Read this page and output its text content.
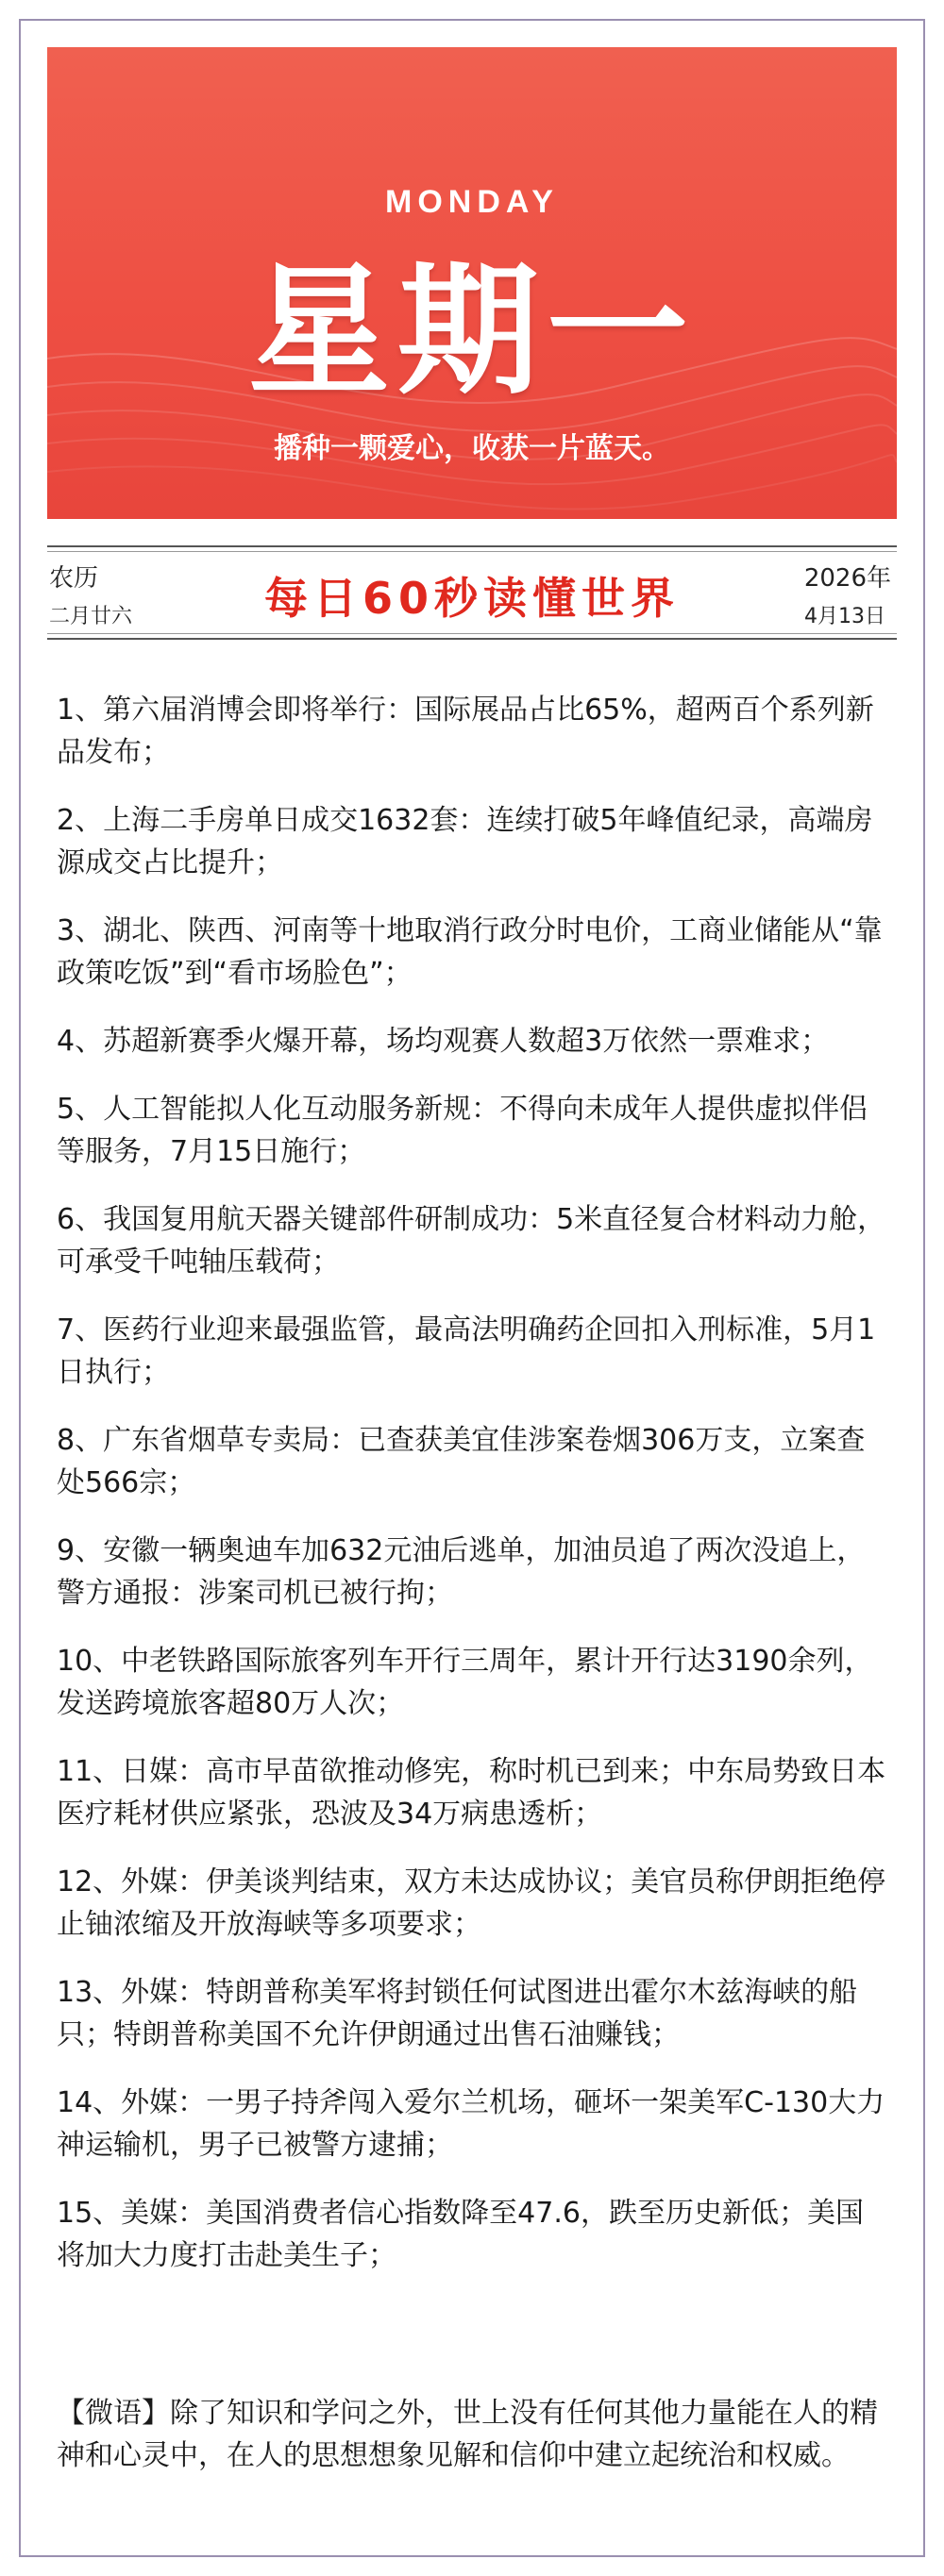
MONDAY
星期一
播种一颗爱心，收获一片蓝天。
农历
二月廿六	每日60秒读懂世界	2026年
4月13日
1、第六届消博会即将举行：国际展品占比65%，超两百个系列新品发布；
2、上海二手房单日成交1632套：连续打破5年峰值纪录，高端房源成交占比提升；
3、湖北、陕西、河南等十地取消行政分时电价，工商业储能从“靠政策吃饭”到“看市场脸色”；
4、苏超新赛季火爆开幕，场均观赛人数超3万依然一票难求；
5、人工智能拟人化互动服务新规：不得向未成年人提供虚拟伴侣等服务，7月15日施行；
6、我国复用航天器关键部件研制成功：5米直径复合材料动力舱，可承受千吨轴压载荷；
7、医药行业迎来最强监管，最高法明确药企回扣入刑标准，5月1日执行；
8、广东省烟草专卖局：已查获美宜佳涉案卷烟306万支，立案查处566宗；
9、安徽一辆奥迪车加632元油后逃单，加油员追了两次没追上，警方通报：涉案司机已被行拘；
10、中老铁路国际旅客列车开行三周年，累计开行达3190余列，发送跨境旅客超80万人次；
11、日媒：高市早苗欲推动修宪，称时机已到来；中东局势致日本医疗耗材供应紧张，恐波及34万病患透析；
12、外媒：伊美谈判结束，双方未达成协议；美官员称伊朗拒绝停止铀浓缩及开放海峡等多项要求；
13、外媒：特朗普称美军将封锁任何试图进出霍尔木兹海峡的船只；特朗普称美国不允许伊朗通过出售石油赚钱；
14、外媒：一男子持斧闯入爱尔兰机场，砸坏一架美军C-130大力神运输机，男子已被警方逮捕；
15、美媒：美国消费者信心指数降至47.6，跌至历史新低；美国将加大力度打击赴美生子；

【微语】除了知识和学问之外，世上没有任何其他力量能在人的精神和心灵中，在人的思想想象见解和信仰中建立起统治和权威。
